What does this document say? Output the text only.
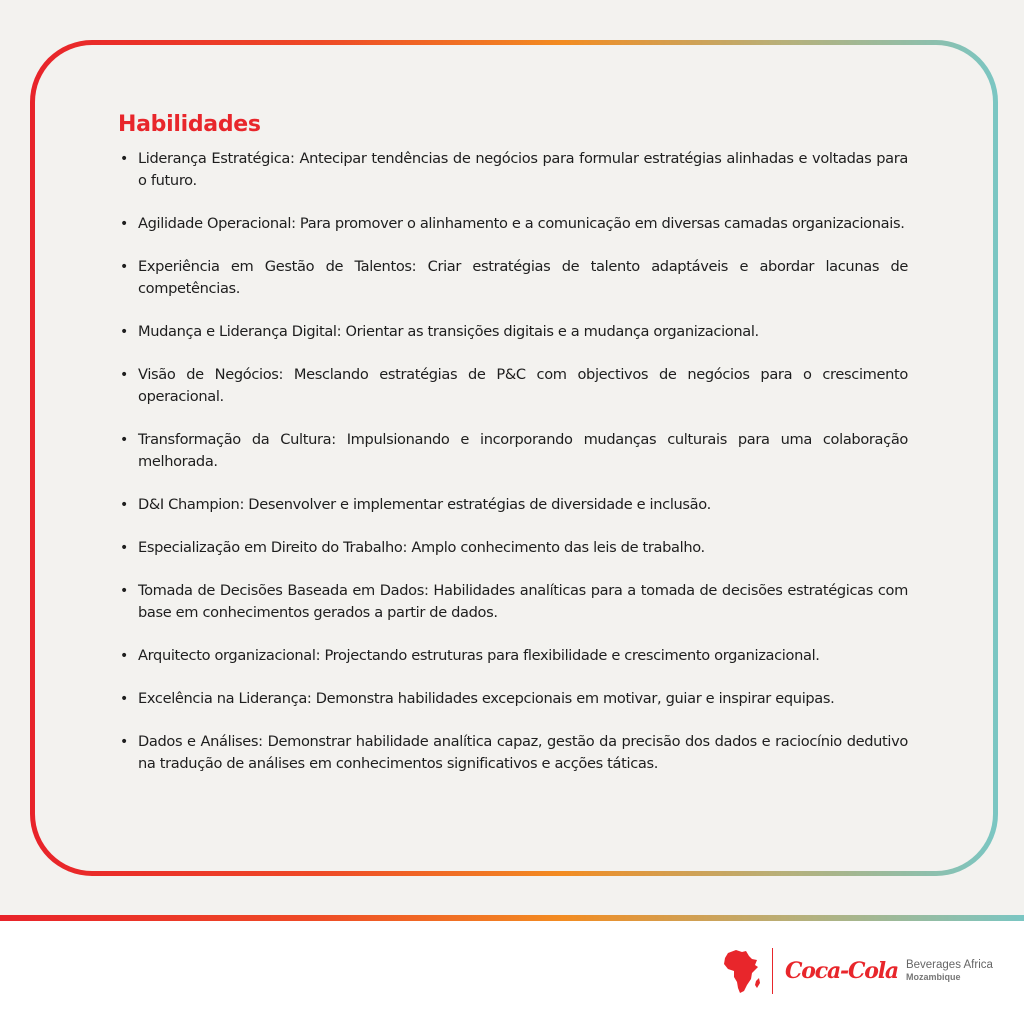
Habilidades
• Liderança Estratégica: Antecipar tendências de negócios para formular estratégias alinhadas e voltadas para o futuro.
• Agilidade Operacional: Para promover o alinhamento e a comunicação em diversas camadas organizacionais.
• Experiência em Gestão de Talentos: Criar estratégias de talento adaptáveis e abordar lacunas de competências.
• Mudança e Liderança Digital: Orientar as transições digitais e a mudança organizacional.
• Visão de Negócios: Mesclando estratégias de P&C com objectivos de negócios para o crescimento operacional.
• Transformação da Cultura: Impulsionando e incorporando mudanças culturais para uma colaboração melhorada.
• D&I Champion: Desenvolver e implementar estratégias de diversidade e inclusão.
• Especialização em Direito do Trabalho: Amplo conhecimento das leis de trabalho.
• Tomada de Decisões Baseada em Dados: Habilidades analíticas para a tomada de decisões estratégicas com base em conhecimentos gerados a partir de dados.
• Arquitecto organizacional: Projectando estruturas para flexibilidade e crescimento organizacional.
• Excelência na Liderança: Demonstra habilidades excepcionais em motivar, guiar e inspirar equipas.
• Dados e Análises: Demonstrar habilidade analítica capaz, gestão da precisão dos dados e raciocínio dedutivo na tradução de análises em conhecimentos significativos e acções táticas.
Coca-Cola Beverages Africa
Mozambique
